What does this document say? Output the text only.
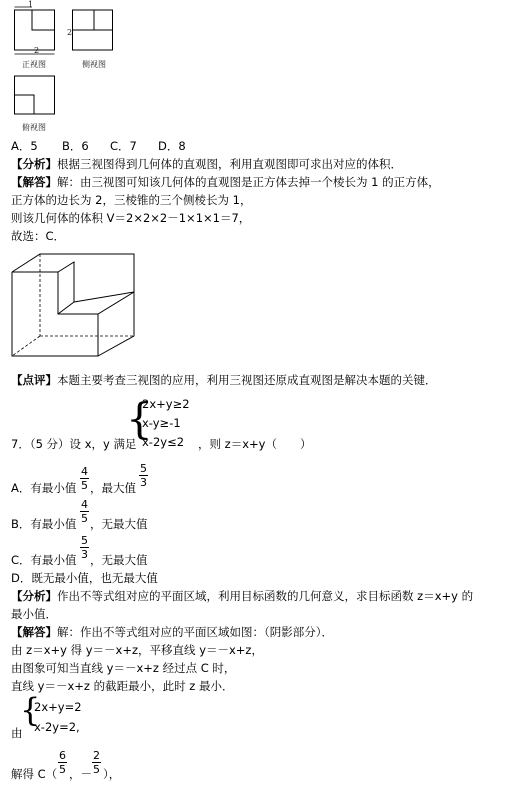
1
2
正视图
2
侧视图
俯视图
A．5 B．6 C．7 D．8
【分析】根据三视图得到几何体的直观图，利用直观图即可求出对应的体积．
【解答】解：由三视图可知该几何体的直观图是正方体去掉一个棱长为 1 的正方体，
正方体的边长为 2，三棱锥的三个侧棱长为 1，
则该几何体的体积 V＝2×2×2－1×1×1＝7，
故选：C．
【点评】本题主要考查三视图的应用，利用三视图还原成直观图是解决本题的关键．
7．（5 分）设 x，y 满足
{
2x+y≥2
x-y≥-1
x-2y≤2 ，则 z＝x+y（　　）
A．有最小值
4
5 ，最大值
5
3
B．有最小值
4
5 ，无最大值
C．有最小值
5
3 ，无最大值
D．既无最小值，也无最大值
【分析】作出不等式组对应的平面区域，利用目标函数的几何意义，求目标函数 z＝x+y 的
最小值．
【解答】解：作出不等式组对应的平面区域如图：（阴影部分）．
由 z＝x+y 得 y＝－x+z，平移直线 y＝－x+z，
由图象可知当直线 y＝－x+z 经过点 C 时，
直线 y＝－x+z 的截距最小，此时 z 最小．
由
{
2x+y=2
x-2y=2,
解得 C（
6
5 ，－
2
5 ），
